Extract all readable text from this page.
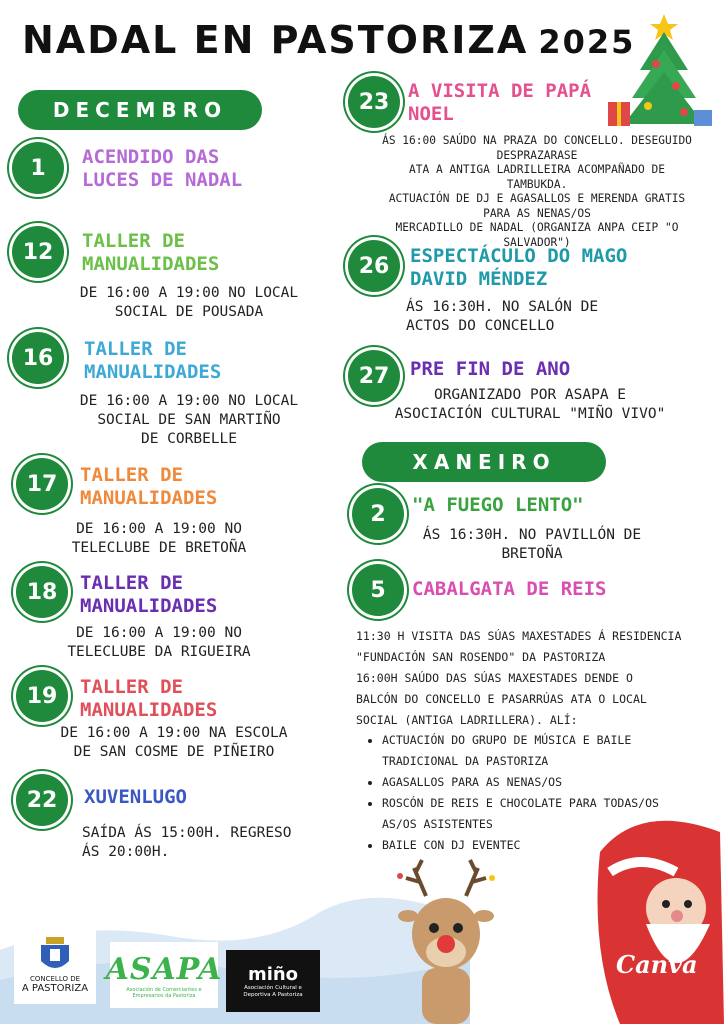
NADAL EN PASTORIZA 2025
DECEMBRO
1 ACENDIDO DAS
LUCES DE NADAL
12 TALLER DE
MANUALIDADES
DE 16:00 A 19:00 NO LOCAL
SOCIAL DE POUSADA
16 TALLER DE
MANUALIDADES
DE 16:00 A 19:00 NO LOCAL
SOCIAL DE SAN MARTIÑO
DE CORBELLE
17 TALLER DE
MANUALIDADES
DE 16:00 A 19:00 NO
TELECLUBE DE BRETOÑA
18 TALLER DE
MANUALIDADES
DE 16:00 A 19:00 NO
TELECLUBE DA RIGUEIRA
19 TALLER DE
MANUALIDADES
DE 16:00 A 19:00 NA ESCOLA
DE SAN COSME DE PIÑEIRO
22 XUVENLUGO
SAÍDA ÁS 15:00H. REGRESO
ÁS 20:00H.
23 A VISITA DE PAPÁ
NOEL
ÁS 16:00 SAÚDO NA PRAZA DO CONCELLO. DESEGUIDO
DESPRAZARASE
ATA A ANTIGA LADRILLEIRA ACOMPAÑADO DE
TAMBUKDA.
ACTUACIÓN DE DJ E AGASALLOS E MERENDA GRATIS
PARA AS NENAS/OS
MERCADILLO DE NADAL (ORGANIZA ANPA CEIP "O
SALVADOR")
26 ESPECTÁCULO DO MAGO
DAVID MÉNDEZ
ÁS 16:30H. NO SALÓN DE
ACTOS DO CONCELLO
27 PRE FIN DE ANO
ORGANIZADO POR ASAPA E
ASOCIACIÓN CULTURAL "MIÑO VIVO"
XANEIRO
2 "A FUEGO LENTO"
ÁS 16:30H. NO PAVILLÓN DE
BRETOÑA
5 CABALGATA DE REIS
11:30 H VISITA DAS SÚAS MAXESTADES Á RESIDENCIA
"FUNDACIÓN SAN ROSENDO" DA PASTORIZA
16:00H SAÚDO DAS SÚAS MAXESTADES DENDE O
BALCÓN DO CONCELLO E PASARRÚAS ATA O LOCAL
SOCIAL (ANTIGA LADRILLERA). ALÍ:
• ACTUACIÓN DO GRUPO DE MÚSICA E BAILE
TRADICIONAL DA PASTORIZA
• AGASALLOS PARA AS NENAS/OS
• ROSCÓN DE REIS E CHOCOLATE PARA TODAS/OS
AS/OS ASISTENTES
• BAILE CON DJ EVENTEC
Canva
CONCELLO DE
A PASTORIZA
ASAPA
Asociación de Comerciantes e Empresarios da Pastoriza
miño
Asociación Cultural e Deportiva A Pastoriza
